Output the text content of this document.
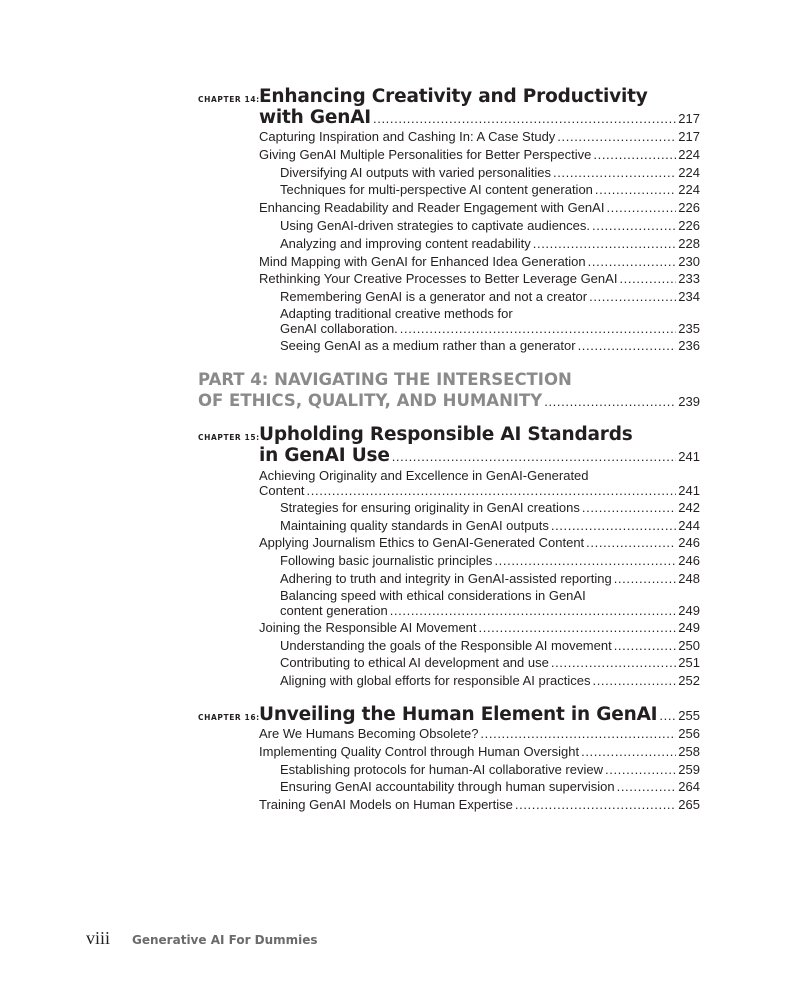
CHAPTER 14: Enhancing Creativity and Productivity
with GenAI . . .	217
Capturing Inspiration and Cashing In: A Case Study . . .	217
Giving GenAI Multiple Personalities for Better Perspective . . .	224
Diversifying AI outputs with varied personalities . . .	224
Techniques for multi-perspective AI content generation . . .	224
Enhancing Readability and Reader Engagement with GenAI . . .	226
Using GenAI-driven strategies to captivate audiences. . . .	226
Analyzing and improving content readability . . .	228
Mind Mapping with GenAI for Enhanced Idea Generation . . .	230
Rethinking Your Creative Processes to Better Leverage GenAI . . .	233
Remembering GenAI is a generator and not a creator . . .	234
Adapting traditional creative methods for
GenAI collaboration. . . .	235
Seeing GenAI as a medium rather than a generator . . .	236
PART 4: NAVIGATING THE INTERSECTION
OF ETHICS, QUALITY, AND HUMANITY . . .	239
CHAPTER 15: Upholding Responsible AI Standards
in GenAI Use . . .	241
Achieving Originality and Excellence in GenAI-Generated
Content . . .	241
Strategies for ensuring originality in GenAI creations . . .	242
Maintaining quality standards in GenAI outputs . . .	244
Applying Journalism Ethics to GenAI-Generated Content . . .	246
Following basic journalistic principles . . .	246
Adhering to truth and integrity in GenAI-assisted reporting . . .	248
Balancing speed with ethical considerations in GenAI
content generation . . .	249
Joining the Responsible AI Movement . . .	249
Understanding the goals of the Responsible AI movement . . .	250
Contributing to ethical AI development and use . . .	251
Aligning with global efforts for responsible AI practices . . .	252
CHAPTER 16: Unveiling the Human Element in GenAI . . . 255
Are We Humans Becoming Obsolete? . . .	256
Implementing Quality Control through Human Oversight . . .	258
Establishing protocols for human-AI collaborative review . . .	259
Ensuring GenAI accountability through human supervision . . .	264
Training GenAI Models on Human Expertise . . .	265
viii Generative AI For Dummies
